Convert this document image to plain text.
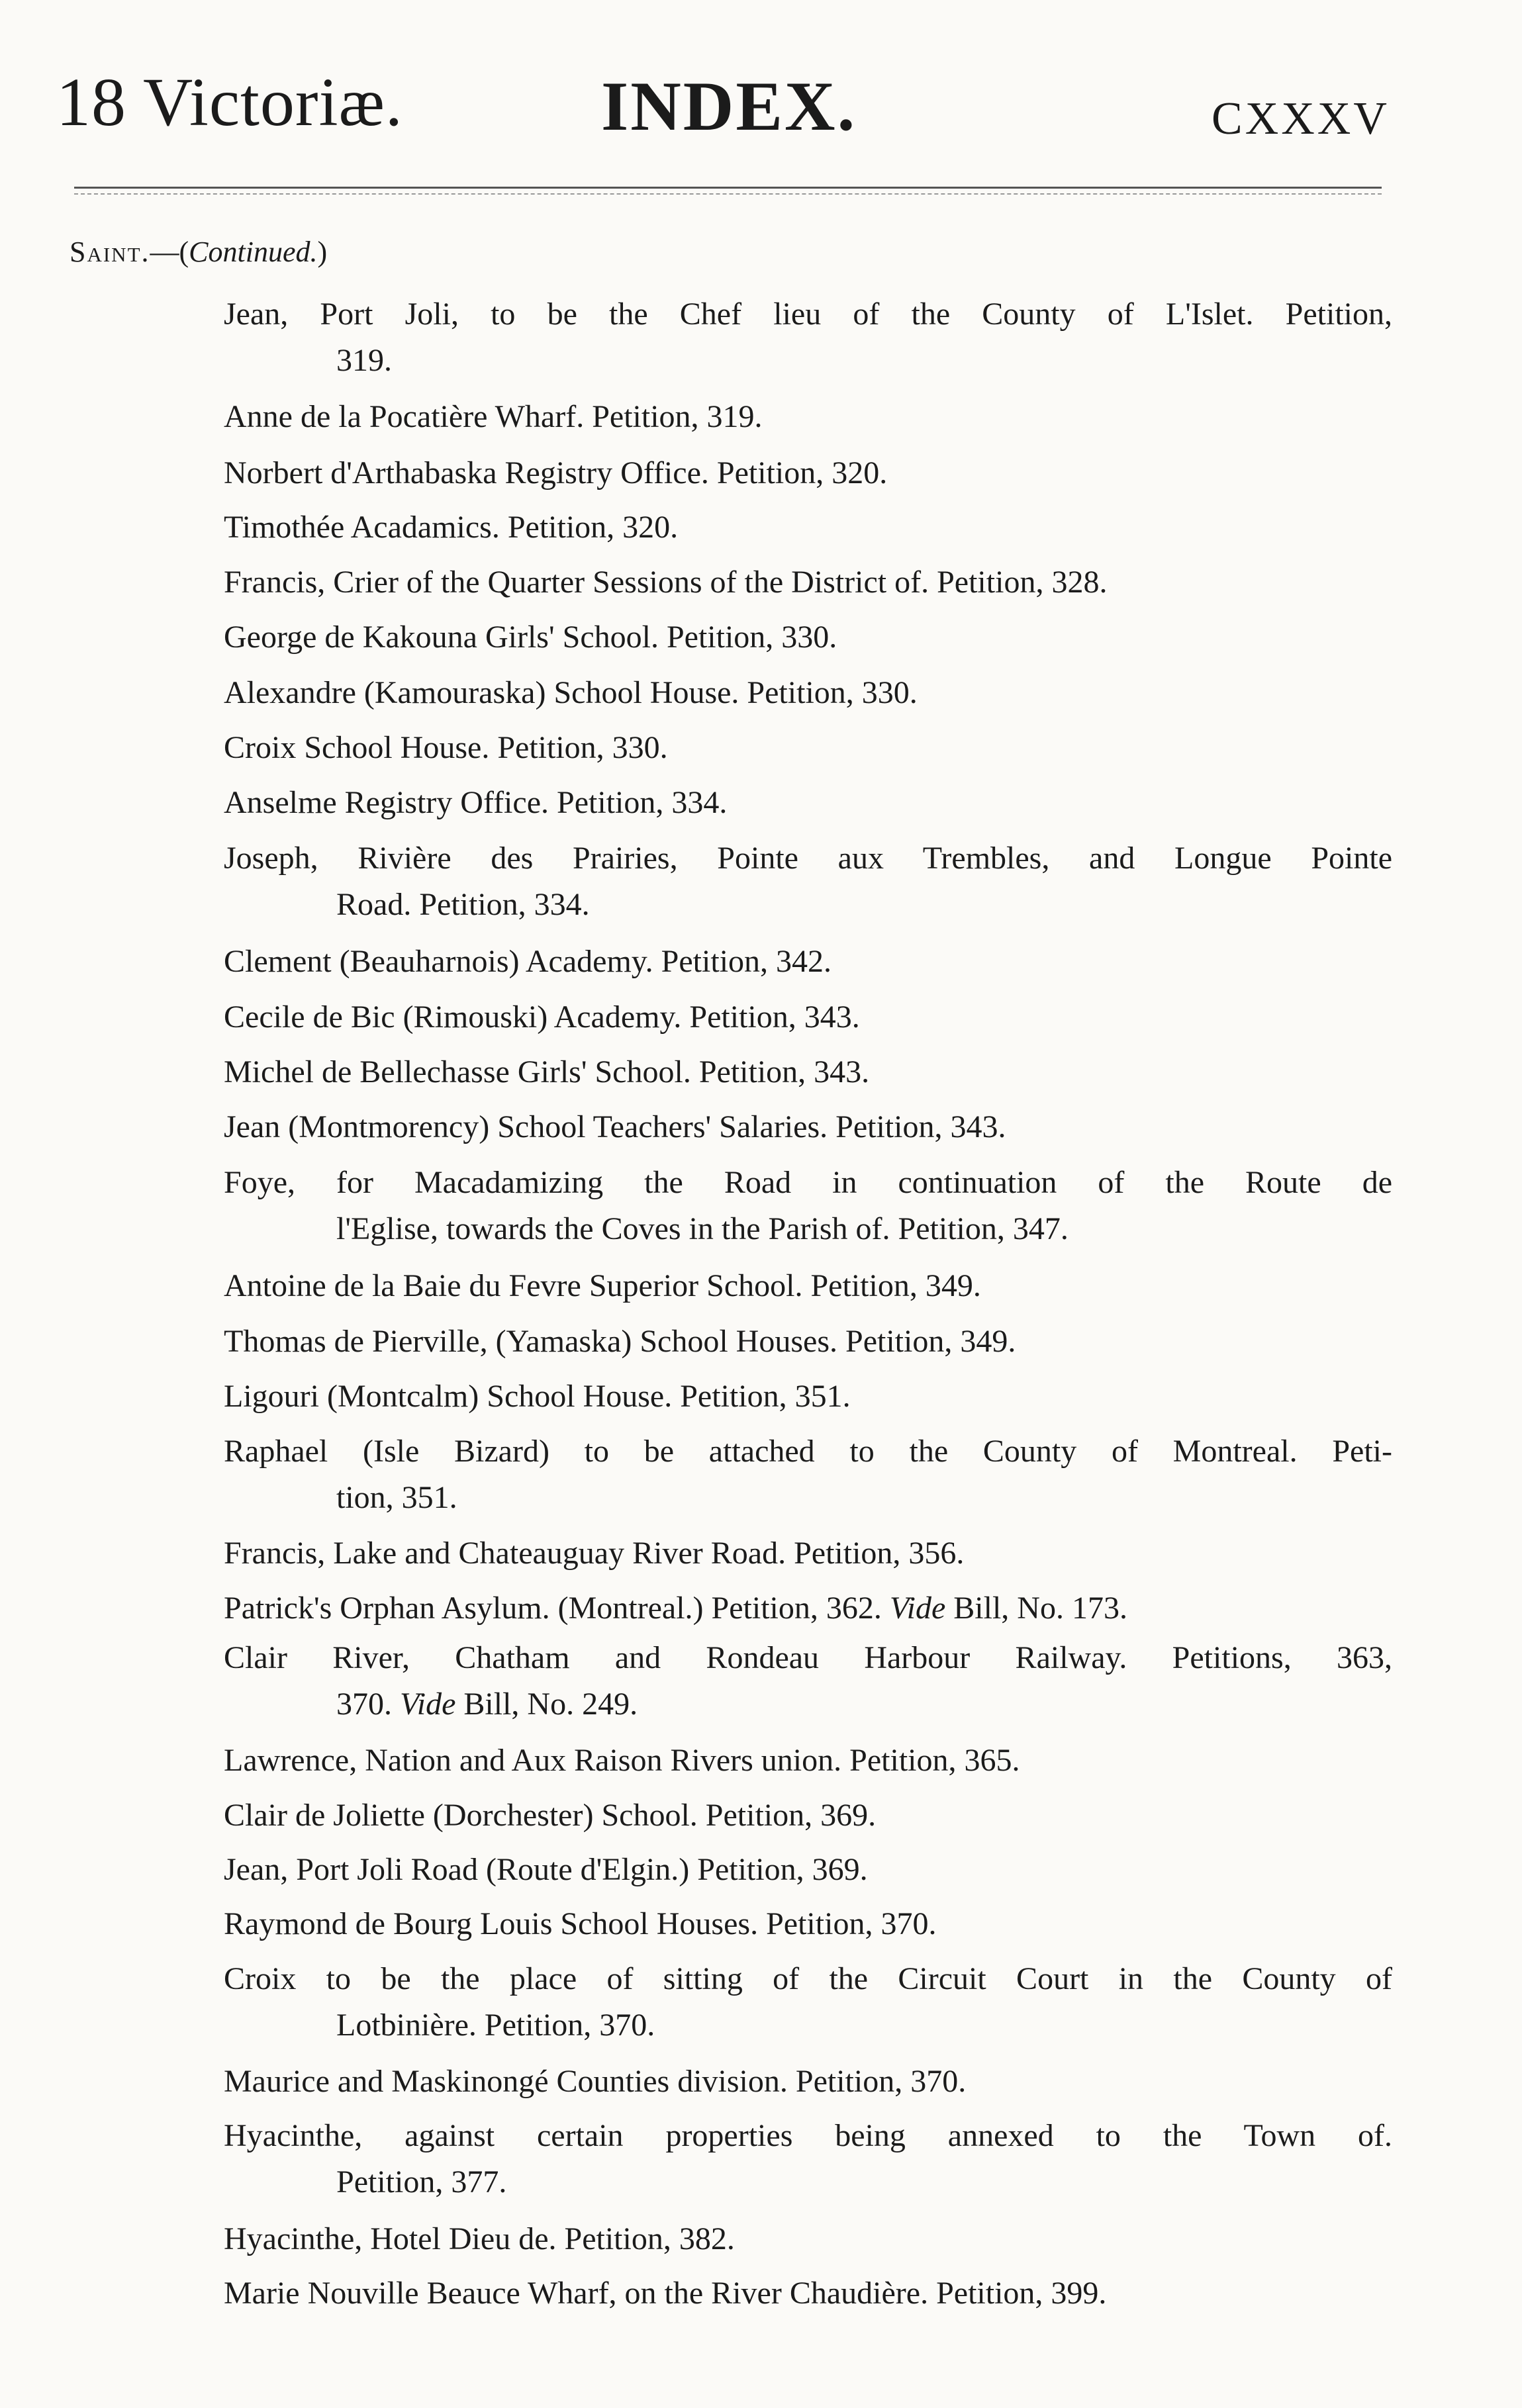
18 Victoriæ.	INDEX.	CXXXV
Saint.—(Continued.)
Jean, Port Joli, to be the Chef lieu of the County of L'Islet. Petition,
319.
Anne de la Pocatière Wharf. Petition, 319.
Norbert d'Arthabaska Registry Office. Petition, 320.
Timothée Acadamics. Petition, 320.
Francis, Crier of the Quarter Sessions of the District of. Petition, 328.
George de Kakouna Girls' School. Petition, 330.
Alexandre (Kamouraska) School House. Petition, 330.
Croix School House. Petition, 330.
Anselme Registry Office. Petition, 334.
Joseph, Rivière des Prairies, Pointe aux Trembles, and Longue Pointe
Road. Petition, 334.
Clement (Beauharnois) Academy. Petition, 342.
Cecile de Bic (Rimouski) Academy. Petition, 343.
Michel de Bellechasse Girls' School. Petition, 343.
Jean (Montmorency) School Teachers' Salaries. Petition, 343.
Foye, for Macadamizing the Road in continuation of the Route de
l'Eglise, towards the Coves in the Parish of. Petition, 347.
Antoine de la Baie du Fevre Superior School. Petition, 349.
Thomas de Pierville, (Yamaska) School Houses. Petition, 349.
Ligouri (Montcalm) School House. Petition, 351.
Raphael (Isle Bizard) to be attached to the County of Montreal. Peti-
tion, 351.
Francis, Lake and Chateauguay River Road. Petition, 356.
Patrick's Orphan Asylum. (Montreal.) Petition, 362. Vide Bill, No. 173.
Clair River, Chatham and Rondeau Harbour Railway. Petitions, 363,
370. Vide Bill, No. 249.
Lawrence, Nation and Aux Raison Rivers union. Petition, 365.
Clair de Joliette (Dorchester) School. Petition, 369.
Jean, Port Joli Road (Route d'Elgin.) Petition, 369.
Raymond de Bourg Louis School Houses. Petition, 370.
Croix to be the place of sitting of the Circuit Court in the County of
Lotbinière. Petition, 370.
Maurice and Maskinongé Counties division. Petition, 370.
Hyacinthe, against certain properties being annexed to the Town of.
Petition, 377.
Hyacinthe, Hotel Dieu de. Petition, 382.
Marie Nouville Beauce Wharf, on the River Chaudière. Petition, 399.
